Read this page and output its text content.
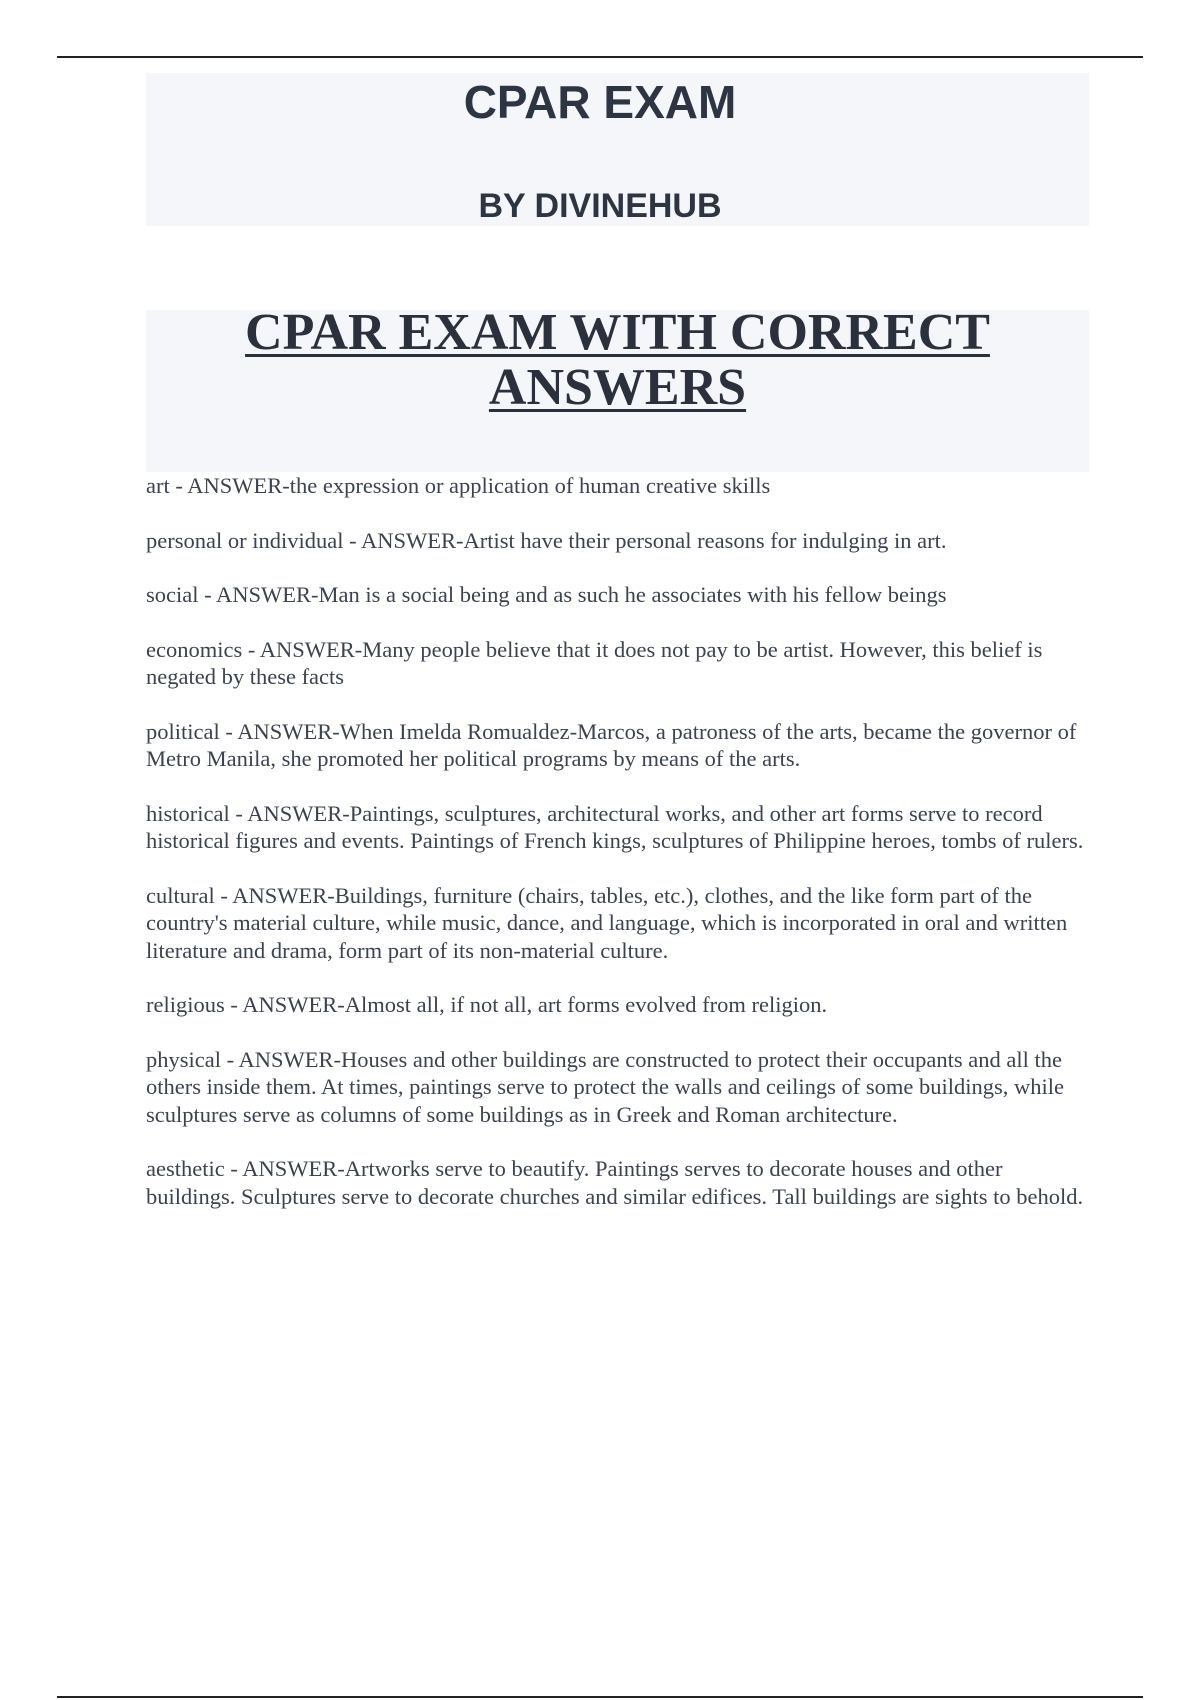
CPAR EXAM
BY DIVINEHUB
CPAR EXAM WITH CORRECT ANSWERS
art - ANSWER-the expression or application of human creative skills
personal or individual - ANSWER-Artist have their personal reasons for indulging in art.
social - ANSWER-Man is a social being and as such he associates with his fellow beings
economics - ANSWER-Many people believe that it does not pay to be artist. However, this belief is negated by these facts
political - ANSWER-When Imelda Romualdez-Marcos, a patroness of the arts, became the governor of Metro Manila, she promoted her political programs by means of the arts.
historical - ANSWER-Paintings, sculptures, architectural works, and other art forms serve to record historical figures and events. Paintings of French kings, sculptures of Philippine heroes, tombs of rulers.
cultural - ANSWER-Buildings, furniture (chairs, tables, etc.), clothes, and the like form part of the country's material culture, while music, dance, and language, which is incorporated in oral and written literature and drama, form part of its non-material culture.
religious - ANSWER-Almost all, if not all, art forms evolved from religion.
physical - ANSWER-Houses and other buildings are constructed to protect their occupants and all the others inside them. At times, paintings serve to protect the walls and ceilings of some buildings, while sculptures serve as columns of some buildings as in Greek and Roman architecture.
aesthetic - ANSWER-Artworks serve to beautify. Paintings serves to decorate houses and other buildings. Sculptures serve to decorate churches and similar edifices. Tall buildings are sights to behold.
